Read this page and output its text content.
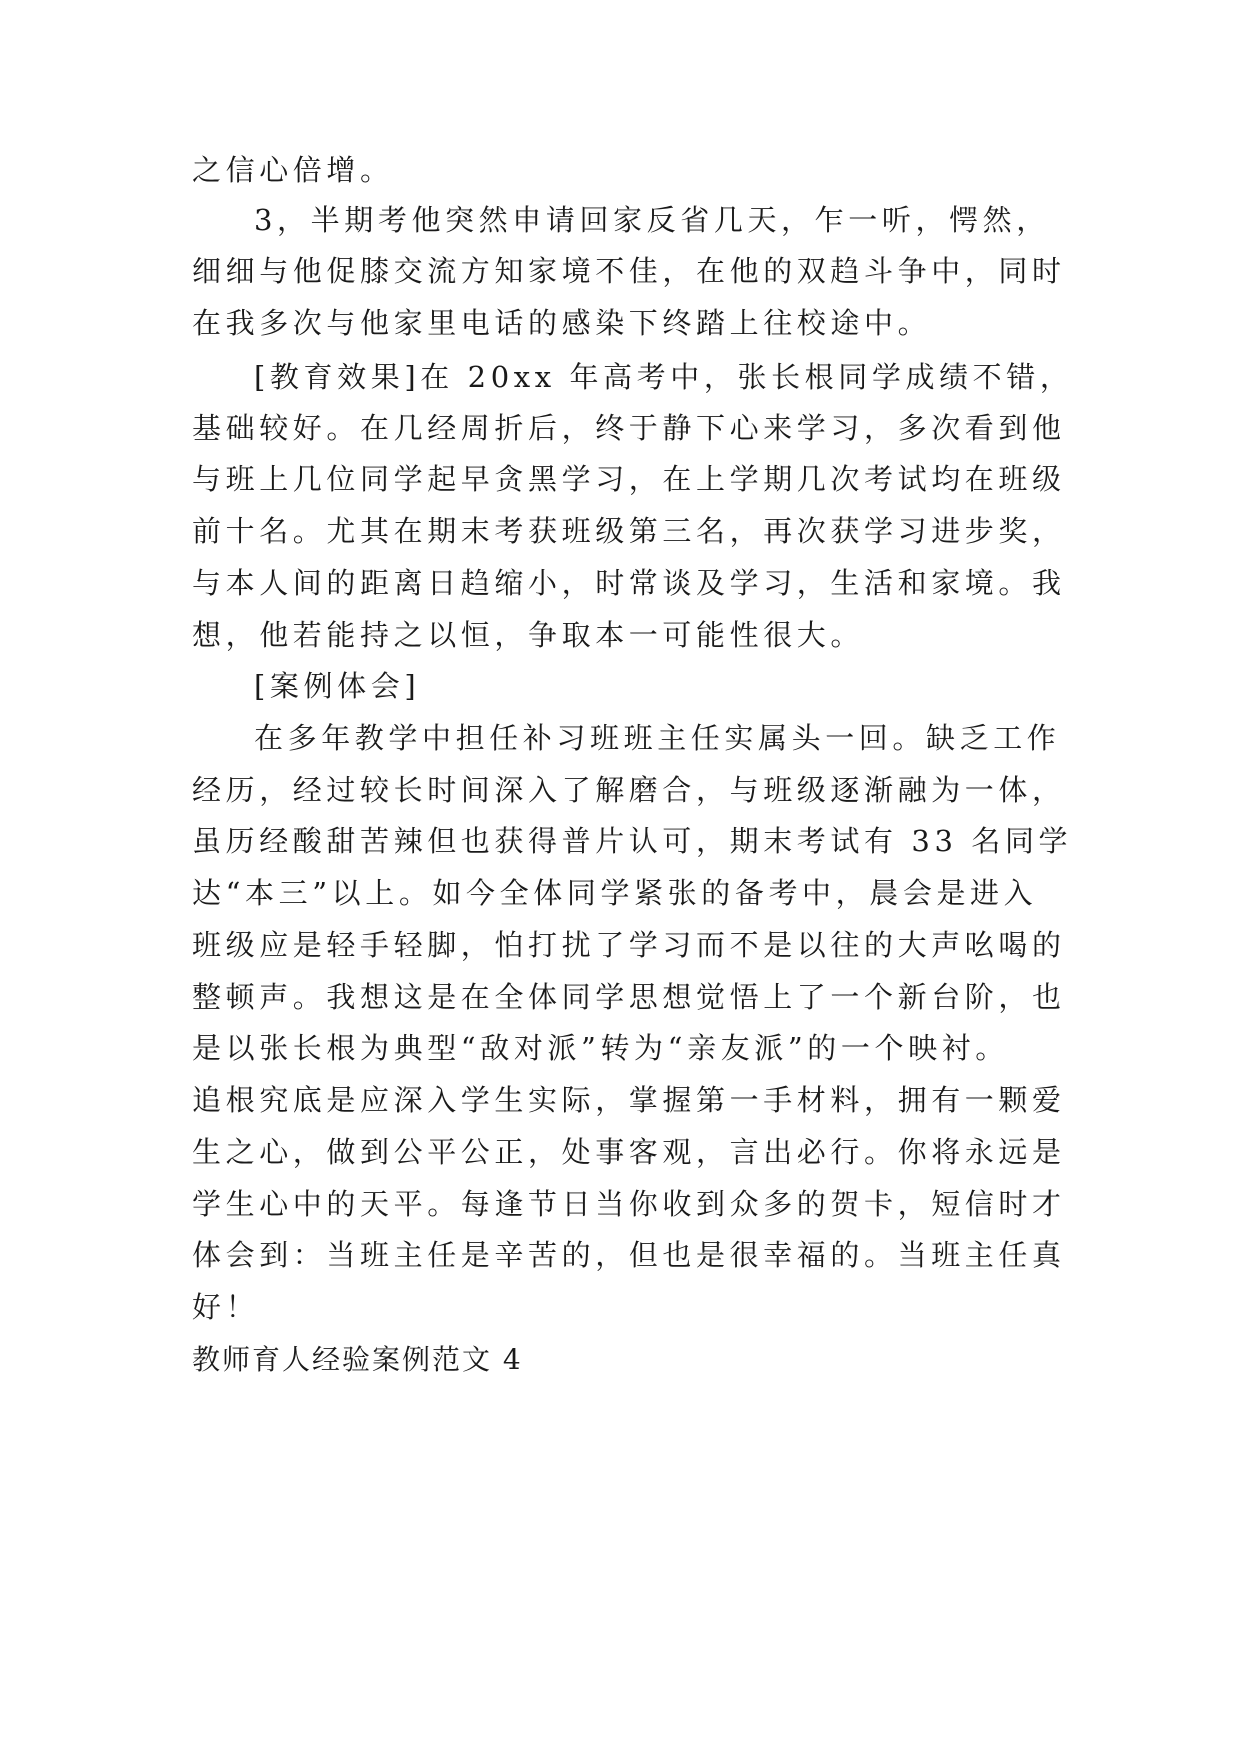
之信心倍增。
3，半期考他突然申请回家反省几天，乍一听，愕然，
细细与他促膝交流方知家境不佳，在他的双趋斗争中，同时
在我多次与他家里电话的感染下终踏上往校途中。
[教育效果]在 20xx 年高考中，张长根同学成绩不错，
基础较好。在几经周折后，终于静下心来学习，多次看到他
与班上几位同学起早贪黑学习，在上学期几次考试均在班级
前十名。尤其在期末考获班级第三名，再次获学习进步奖，
与本人间的距离日趋缩小，时常谈及学习，生活和家境。我
想，他若能持之以恒，争取本一可能性很大。
[案例体会]
在多年教学中担任补习班班主任实属头一回。缺乏工作
经历，经过较长时间深入了解磨合，与班级逐渐融为一体，
虽历经酸甜苦辣但也获得普片认可，期末考试有 33 名同学
达“本三”以上。如今全体同学紧张的备考中，晨会是进入
班级应是轻手轻脚，怕打扰了学习而不是以往的大声吆喝的
整顿声。我想这是在全体同学思想觉悟上了一个新台阶，也
是以张长根为典型“敌对派”转为“亲友派”的一个映衬。
追根究底是应深入学生实际，掌握第一手材料，拥有一颗爱
生之心，做到公平公正，处事客观，言出必行。你将永远是
学生心中的天平。每逢节日当你收到众多的贺卡，短信时才
体会到：当班主任是辛苦的，但也是很幸福的。当班主任真
好！
教师育人经验案例范文 4
